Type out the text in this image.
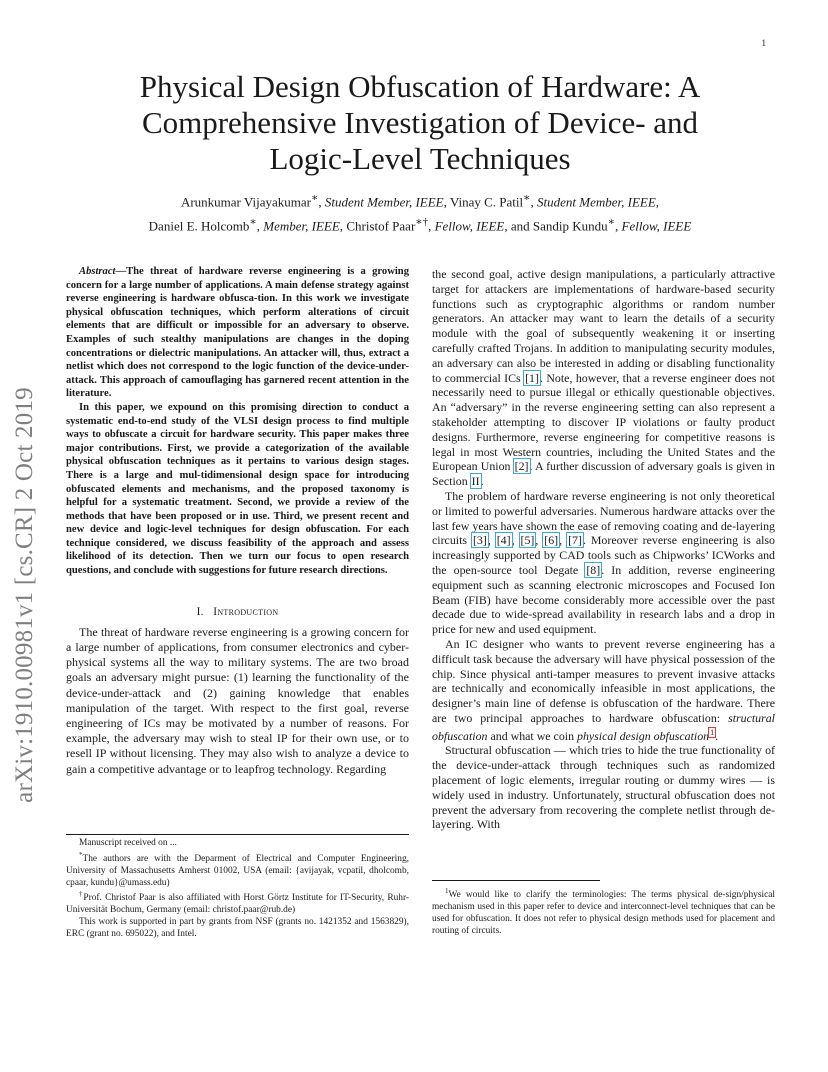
1
arXiv:1910.00981v1 [cs.CR] 2 Oct 2019
Physical Design Obfuscation of Hardware: A
Comprehensive Investigation of Device- and
Logic-Level Techniques
Arunkumar Vijayakumar∗, Student Member, IEEE, Vinay C. Patil∗, Student Member, IEEE,
Daniel E. Holcomb∗, Member, IEEE, Christof Paar∗†, Fellow, IEEE, and Sandip Kundu∗, Fellow, IEEE

Abstract—The threat of hardware reverse engineering is a growing concern for a large number of applications. A main defense strategy against reverse engineering is hardware obfusca-tion. In this work we investigate physical obfuscation techniques, which perform alterations of circuit elements that are difficult or impossible for an adversary to observe. Examples of such stealthy manipulations are changes in the doping concentrations or dielectric manipulations. An attacker will, thus, extract a netlist which does not correspond to the logic function of the device-under-attack. This approach of camouflaging has garnered recent attention in the literature.

In this paper, we expound on this promising direction to conduct a systematic end-to-end study of the VLSI design process to find multiple ways to obfuscate a circuit for hardware security. This paper makes three major contributions. First, we provide a categorization of the available physical obfuscation techniques as it pertains to various design stages. There is a large and mul-tidimensional design space for introducing obfuscated elements and mechanisms, and the proposed taxonomy is helpful for a systematic treatment. Second, we provide a review of the methods that have been proposed or in use. Third, we present recent and new device and logic-level techniques for design obfuscation. For each technique considered, we discuss feasibility of the approach and assess likelihood of its detection. Then we turn our focus to open research questions, and conclude with suggestions for future research directions.

I. Introduction

The threat of hardware reverse engineering is a growing concern for a large number of applications, from consumer electronics and cyber-physical systems all the way to military systems. The are two broad goals an adversary might pursue: (1) learning the functionality of the device-under-attack and (2) gaining knowledge that enables manipulation of the target. With respect to the first goal, reverse engineering of ICs may be motivated by a number of reasons. For example, the adversary may wish to steal IP for their own use, or to resell IP without licensing. They may also wish to analyze a device to gain a competitive advantage or to leapfrog technology. Regarding

Manuscript received on ...

*The authors are with the Deparment of Electrical and Computer Engineering, University of Massachusetts Amherst 01002, USA (email: {avijayak, vcpatil, dholcomb, cpaar, kundu}@umass.edu)

†Prof. Christof Paar is also affiliated with Horst Görtz Institute for IT-Security, Ruhr-Universität Bochum, Germany (email: christof.paar@rub.de)

This work is supported in part by grants from NSF (grants no. 1421352 and 1563829), ERC (grant no. 695022), and Intel.

the second goal, active design manipulations, a particularly attractive target for attackers are implementations of hardware-based security functions such as cryptographic algorithms or random number generators. An attacker may want to learn the details of a security module with the goal of subsequently weakening it or inserting carefully crafted Trojans. In addition to manipulating security modules, an adversary can also be interested in adding or disabling functionality to commercial ICs [1]. Note, however, that a reverse engineer does not necessarily need to pursue illegal or ethically questionable objectives. An “adversary” in the reverse engineering setting can also represent a stakeholder attempting to discover IP violations or faulty product designs. Furthermore, reverse engineering for competitive reasons is legal in most Western countries, including the United States and the European Union [2]. A further discussion of adversary goals is given in Section II.

The problem of hardware reverse engineering is not only theoretical or limited to powerful adversaries. Numerous hardware attacks over the last few years have shown the ease of removing coating and de-layering circuits [3], [4], [5], [6], [7]. Moreover reverse engineering is also increasingly supported by CAD tools such as Chipworks’ ICWorks and the open-source tool Degate [8]. In addition, reverse engineering equipment such as scanning electronic microscopes and Focused Ion Beam (FIB) have become considerably more accessible over the past decade due to wide-spread availability in research labs and a drop in price for new and used equipment.

An IC designer who wants to prevent reverse engineering has a difficult task because the adversary will have physical possession of the chip. Since physical anti-tamper measures to prevent invasive attacks are technically and economically infeasible in most applications, the designer’s main line of defense is obfuscation of the hardware. There are two principal approaches to hardware obfuscation: structural obfuscation and what we coin physical design obfuscation$^1$.

Structural obfuscation — which tries to hide the true functionality of the device-under-attack through techniques such as randomized placement of logic elements, irregular routing or dummy wires — is widely used in industry. Unfortunately, structural obfuscation does not prevent the adversary from recovering the complete netlist through de-layering. With

$^1$We would like to clarify the terminologies: The terms physical de-sign/physical mechanism used in this paper refer to device and interconnect-level techniques that can be used for obfuscation. It does not refer to physical design methods used for placement and routing of circuits.
